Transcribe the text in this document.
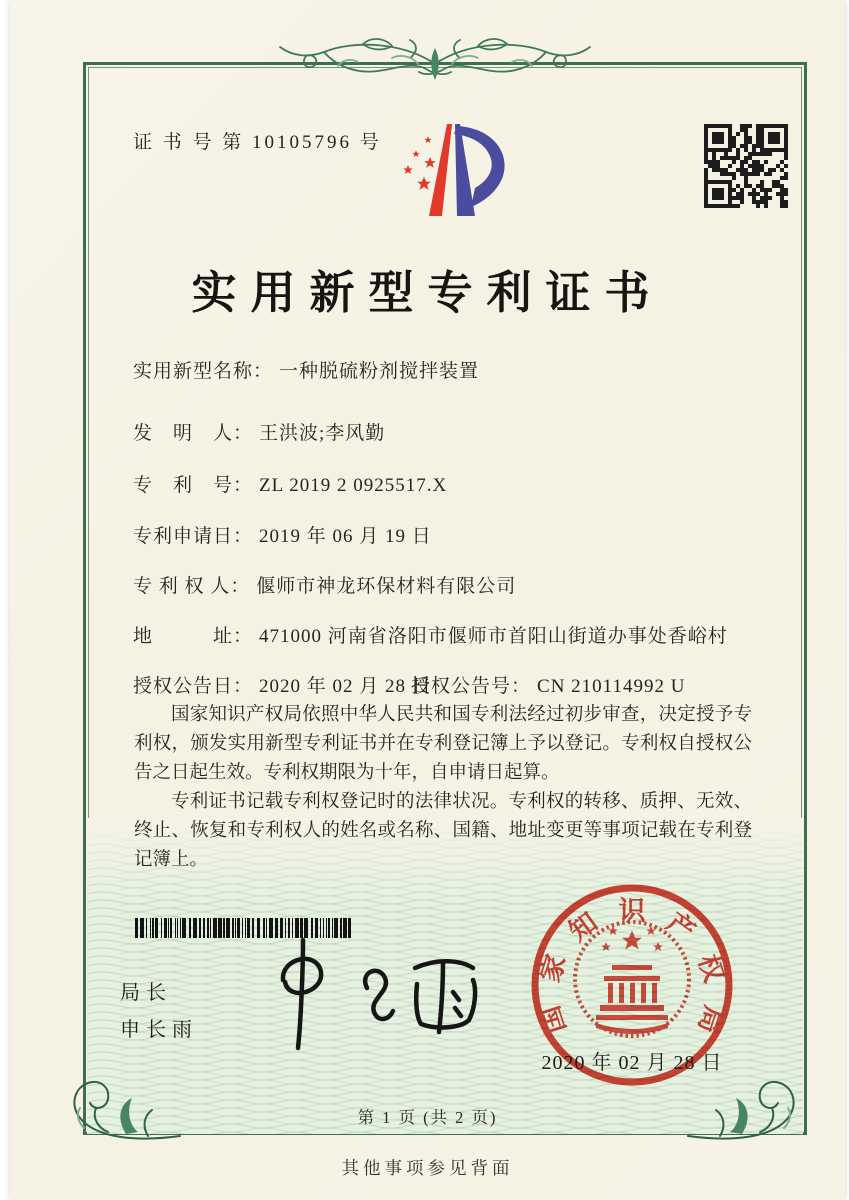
证 书 号 第 10105796 号
实用新型专利证书
实用新型名称： 一种脱硫粉剂搅拌装置
发　明　人： 王洪波;李风勤
专　利　号： ZL 2019 2 0925517.X
专利申请日： 2019 年 06 月 19 日
专 利 权 人： 偃师市神龙环保材料有限公司
地　　　址： 471000 河南省洛阳市偃师市首阳山街道办事处香峪村
授权公告日： 2020 年 02 月 28 日
授权公告号： CN 210114992 U

国家知识产权局依照中华人民共和国专利法经过初步审查，决定授予专利权，颁发实用新型专利证书并在专利登记簿上予以登记。专利权自授权公告之日起生效。专利权期限为十年，自申请日起算。

专利证书记载专利权登记时的法律状况。专利权的转移、质押、无效、终止、恢复和专利权人的姓名或名称、国籍、地址变更等事项记载在专利登记簿上。

局长
申长雨	国
家
知 识 产
权
局
2020 年 02 月 28 日
第 1 页 (共 2 页)
其他事项参见背面
